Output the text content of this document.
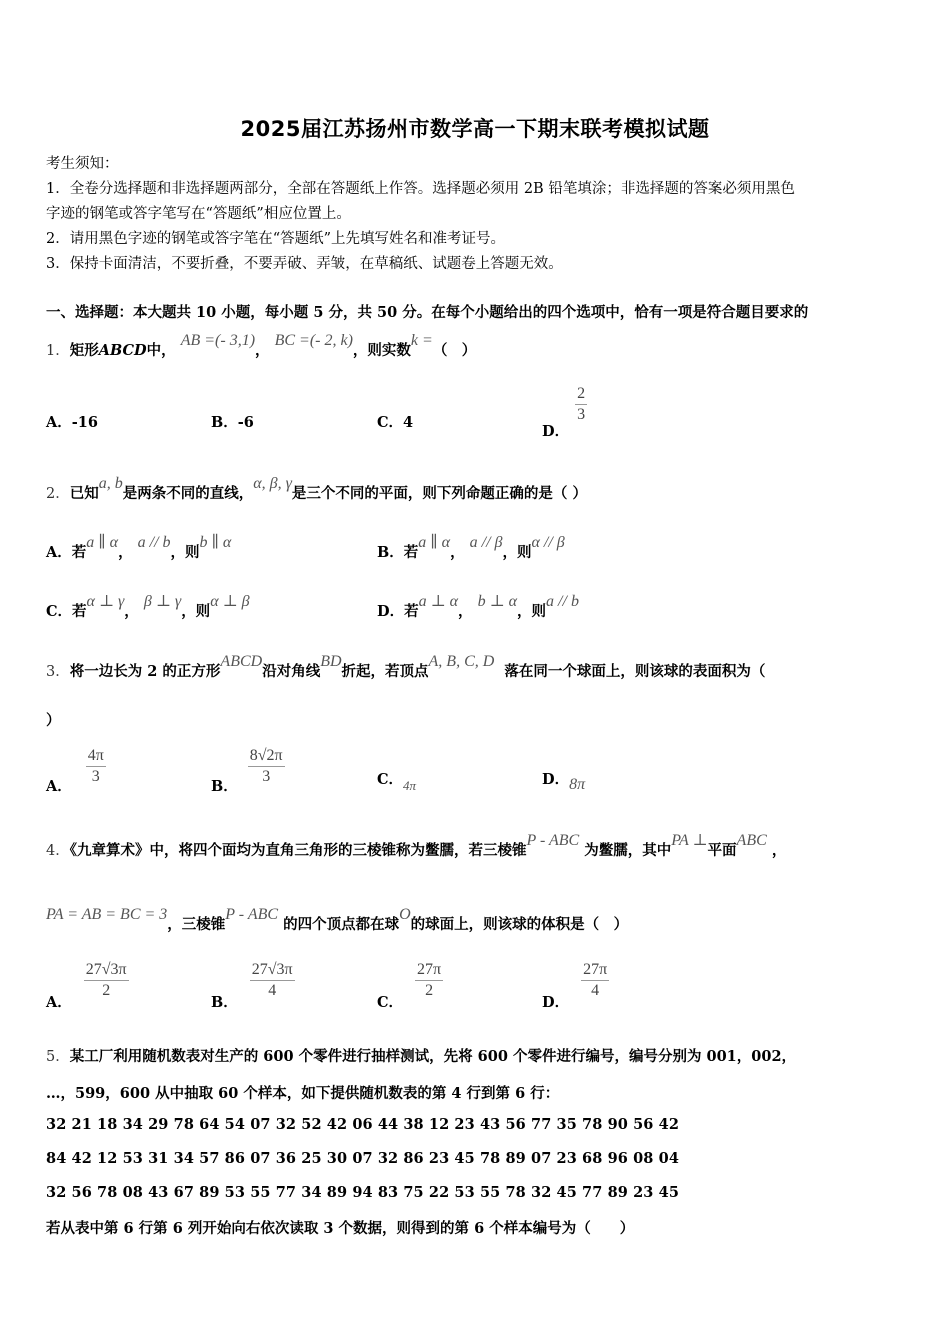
2025届江苏扬州市数学高一下期末联考模拟试题
考生须知：
1．全卷分选择题和非选择题两部分，全部在答题纸上作答。选择题必须用 2B 铅笔填涂；非选择题的答案必须用黑色
字迹的钢笔或答字笔写在“答题纸”相应位置上。
2．请用黑色字迹的钢笔或答字笔在“答题纸”上先填写姓名和准考证号。
3．保持卡面清洁，不要折叠，不要弄破、弄皱，在草稿纸、试题卷上答题无效。
一、选择题：本大题共 10 小题，每小题 5 分，共 50 分。在每个小题给出的四个选项中，恰有一项是符合题目要求的
1．矩形ABCD中， AB =(- 3,1)， BC =(- 2, k)，则实数k =（　）
A．-16	B．-6	C．4	D．
$\frac{2}{3}$
2．已知a, b是两条不同的直线，α, β, γ是三个不同的平面，则下列命题正确的是（ ）
A．若a ∥ α， a // b，则b ∥ α
B．若a ∥ α， a // β，则α // β
C．若α ⊥ γ， β ⊥ γ，则α ⊥ β
D．若a ⊥ α， b ⊥ α，则a // b
3．将一边长为 2 的正方形ABCD沿对角线BD折起，若顶点A, B, C, D  落在同一个球面上，则该球的表面积为（
）
A． $\frac{4\pi}{3}$	B． $\frac{8√2\pi}{3}$	C．4π	D．8π
4．《九章算术》中，将四个面均为直角三角形的三棱锥称为鳖臑，若三棱锥P - ABC 为鳖臑，其中PA ⊥平面ABC ，
PA = AB = BC = 3，三棱锥P - ABC 的四个顶点都在球O的球面上，则该球的体积是（　）
A．
$\frac{27√3\pi}{2}$
B．
$\frac{27√3\pi}{4}$
C．
$\frac{27\pi}{2}$
D．
$\frac{27\pi}{4}$
5．某工厂利用随机数表对生产的 600 个零件进行抽样测试，先将 600 个零件进行编号，编号分别为 001，002，
…，599，600 从中抽取 60 个样本，如下提供随机数表的第 4 行到第 6 行：
32 21 18 34 29 78 64 54 07 32 52 42 06 44 38 12 23 43 56 77 35 78 90 56 42
84 42 12 53 31 34 57 86 07 36 25 30 07 32 86 23 45 78 89 07 23 68 96 08 04
32 56 78 08 43 67 89 53 55 77 34 89 94 83 75 22 53 55 78 32 45 77 89 23 45
若从表中第 6 行第 6 列开始向右依次读取 3 个数据，则得到的第 6 个样本编号为（　　）
